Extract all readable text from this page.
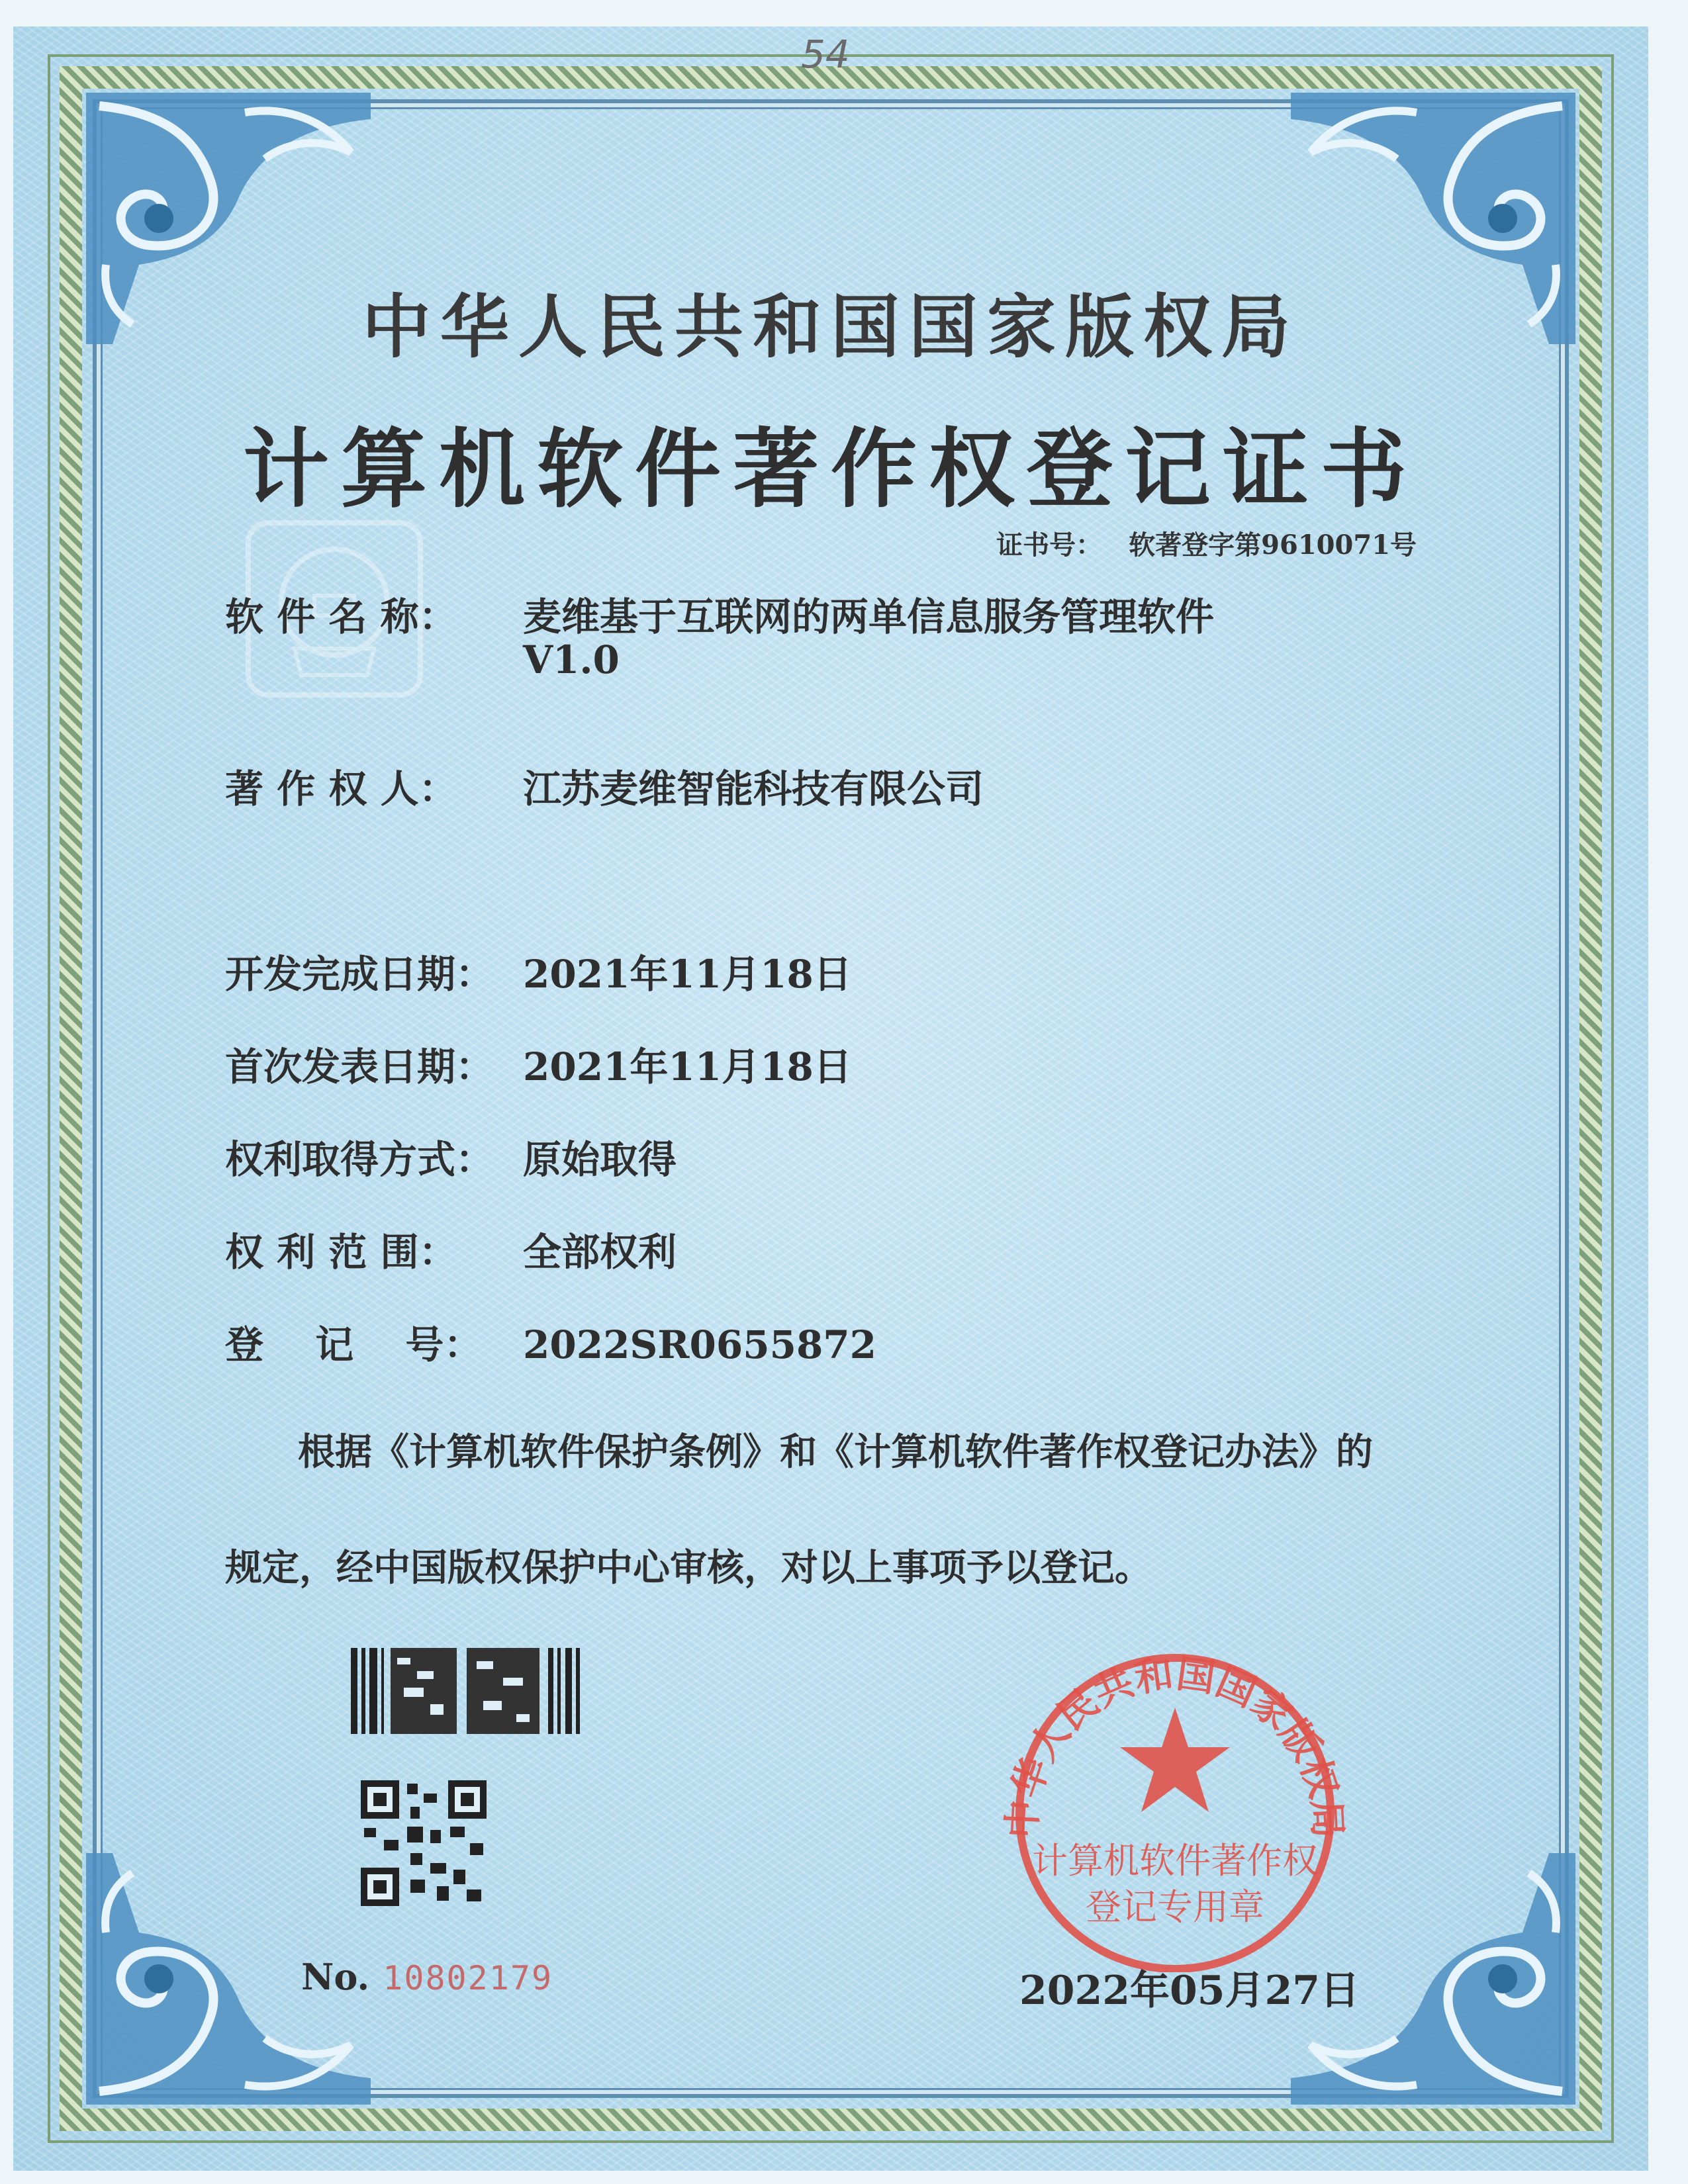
54
中华人民共和国国家版权局
计算机软件著作权登记证书
证书号： 软著登字第9610071号
软 件 名 称： 麦维基于互联网的两单信息服务管理软件
V1.0
著 作 权 人： 江苏麦维智能科技有限公司
开发完成日期： 2021年11月18日
首次发表日期： 2021年11月18日
权利取得方式： 原始取得
权 利 范 围： 全部权利
登　 记　 号： 2022SR0655872
根据《计算机软件保护条例》和《计算机软件著作权登记办法》的
规定，经中国版权保护中心审核，对以上事项予以登记。
No. 10802179
中华人民共和国国家版权局
计算机软件著作权
登记专用章
2022年05月27日
